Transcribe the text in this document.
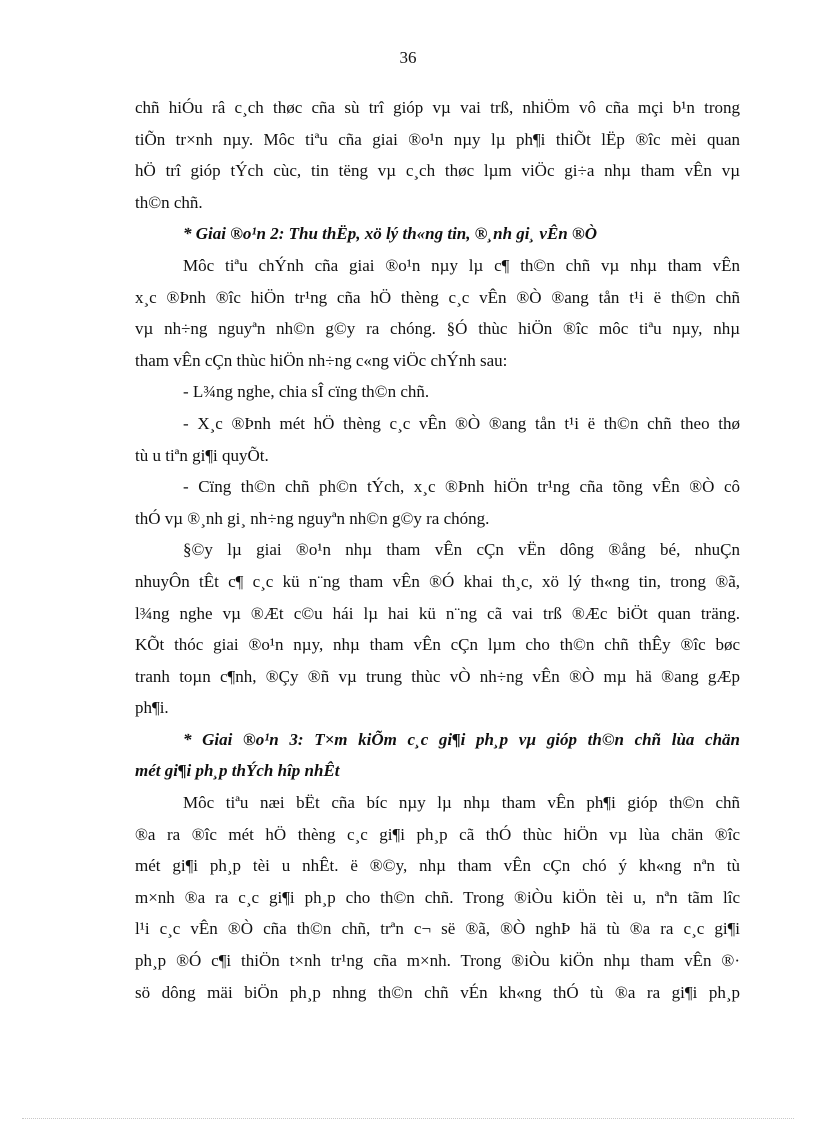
36
chñ hiÓu râ c¸ch thøc cña sù trî gióp vµ vai trß, nhiÖm vô cña mçi b¹n trong
tiÕn tr×nh nµy. Môc tiªu cña giai ®o¹n nµy lµ ph¶i thiÕt lËp ®îc mèi quan
hÖ trî gióp tÝch cùc, tin tëng vµ c¸ch thøc lµm viÖc gi÷a nhµ tham vÊn vµ
th©n chñ.
* Giai ®o¹n 2: Thu thËp, xö lý th«ng tin, ®¸nh gi¸ vÊn ®Ò
Môc tiªu chÝnh cña giai ®o¹n nµy lµ c¶ th©n chñ vµ nhµ tham vÊn
x¸c ®Þnh ®îc hiÖn tr¹ng cña hÖ thèng c¸c vÊn ®Ò ®ang tån t¹i ë th©n chñ
vµ nh÷ng nguyªn nh©n g©y ra chóng. §Ó thùc hiÖn ®îc môc tiªu nµy, nhµ
tham vÊn cÇn thùc hiÖn nh÷ng c«ng viÖc chÝnh sau:
- L¾ng nghe, chia sÎ cïng th©n chñ.
- X¸c ®Þnh mét hÖ thèng c¸c vÊn ®Ò ®ang tån t¹i ë th©n chñ theo thø
tù u tiªn gi¶i quyÕt.
- Cïng th©n chñ ph©n tÝch, x¸c ®Þnh hiÖn tr¹ng cña tõng vÊn ®Ò cô
thÓ vµ ®¸nh gi¸ nh÷ng nguyªn nh©n g©y ra chóng.
§©y lµ giai ®o¹n nhµ tham vÊn cÇn vËn dông ®ång bé, nhuÇn
nhuyÔn tÊt c¶ c¸c kü n¨ng tham vÊn ®Ó khai th¸c, xö lý th«ng tin, trong ®ã,
l¾ng nghe vµ ®Æt c©u hái lµ hai kü n¨ng cã vai trß ®Æc biÖt quan träng.
KÕt thóc giai ®o¹n nµy, nhµ tham vÊn cÇn lµm cho th©n chñ thÊy ®îc bøc
tranh toµn c¶nh, ®Çy ®ñ vµ trung thùc vÒ nh÷ng vÊn ®Ò mµ hä ®ang gÆp
ph¶i.
* Giai ®o¹n 3: T×m kiÕm c¸c gi¶i ph¸p vµ gióp th©n chñ lùa chän
mét gi¶i ph¸p thÝch hîp nhÊt
Môc tiªu næi bËt cña bíc nµy lµ nhµ tham vÊn ph¶i gióp th©n chñ
®a ra ®îc mét hÖ thèng c¸c gi¶i ph¸p cã thÓ thùc hiÖn vµ lùa chän ®îc
mét gi¶i ph¸p tèi u nhÊt. ë ®©y, nhµ tham vÊn cÇn chó ý kh«ng nªn tù
m×nh ®a ra c¸c gi¶i ph¸p cho th©n chñ. Trong ®iÒu kiÖn tèi u, nªn tãm lîc
l¹i c¸c vÊn ®Ò cña th©n chñ, trªn c¬ së ®ã, ®Ò nghÞ hä tù ®a ra c¸c gi¶i
ph¸p ®Ó c¶i thiÖn t×nh tr¹ng cña m×nh. Trong ®iÒu kiÖn nhµ tham vÊn ®·
sö dông mäi biÖn ph¸p nhng th©n chñ vÉn kh«ng thÓ tù ®a ra gi¶i ph¸p
